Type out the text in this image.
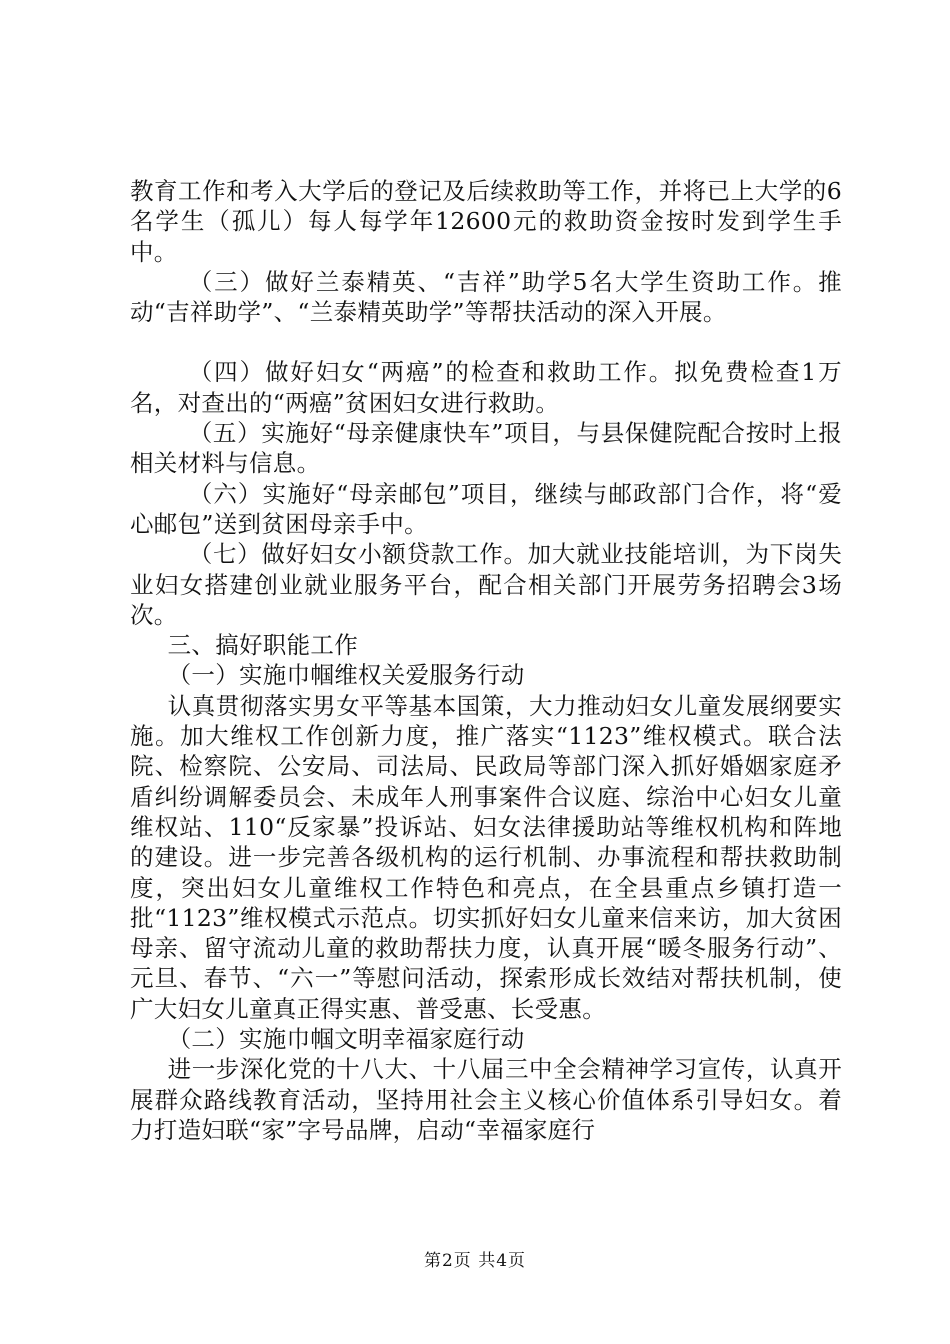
教育工作和考入大学后的登记及后续救助等工作，并将已上大学的6名学生（孤儿）每人每学年12600元的救助资金按时发到学生手中。

（三）做好兰泰精英、“吉祥”助学5名大学生资助工作。推动“吉祥助学”、“兰泰精英助学”等帮扶活动的深入开展。

（四）做好妇女“两癌”的检查和救助工作。拟免费检查1万名，对查出的“两癌”贫困妇女进行救助。

（五）实施好“母亲健康快车”项目，与县保健院配合按时上报相关材料与信息。

（六）实施好“母亲邮包”项目，继续与邮政部门合作，将“爱心邮包”送到贫困母亲手中。

（七）做好妇女小额贷款工作。加大就业技能培训，为下岗失业妇女搭建创业就业服务平台，配合相关部门开展劳务招聘会3场次。

三、搞好职能工作

（一）实施巾帼维权关爱服务行动

认真贯彻落实男女平等基本国策，大力推动妇女儿童发展纲要实施。加大维权工作创新力度，推广落实“1123”维权模式。联合法院、检察院、公安局、司法局、民政局等部门深入抓好婚姻家庭矛盾纠纷调解委员会、未成年人刑事案件合议庭、综治中心妇女儿童维权站、110“反家暴”投诉站、妇女法律援助站等维权机构和阵地的建设。进一步完善各级机构的运行机制、办事流程和帮扶救助制度，突出妇女儿童维权工作特色和亮点，在全县重点乡镇打造一批“1123”维权模式示范点。切实抓好妇女儿童来信来访，加大贫困母亲、留守流动儿童的救助帮扶力度，认真开展“暖冬服务行动”、元旦、春节、“六一”等慰问活动，探索形成长效结对帮扶机制，使广大妇女儿童真正得实惠、普受惠、长受惠。

（二）实施巾帼文明幸福家庭行动

进一步深化党的十八大、十八届三中全会精神学习宣传，认真开展群众路线教育活动，坚持用社会主义核心价值体系引导妇女。着力打造妇联“家”字号品牌，启动“幸福家庭行

第2页 共4页
